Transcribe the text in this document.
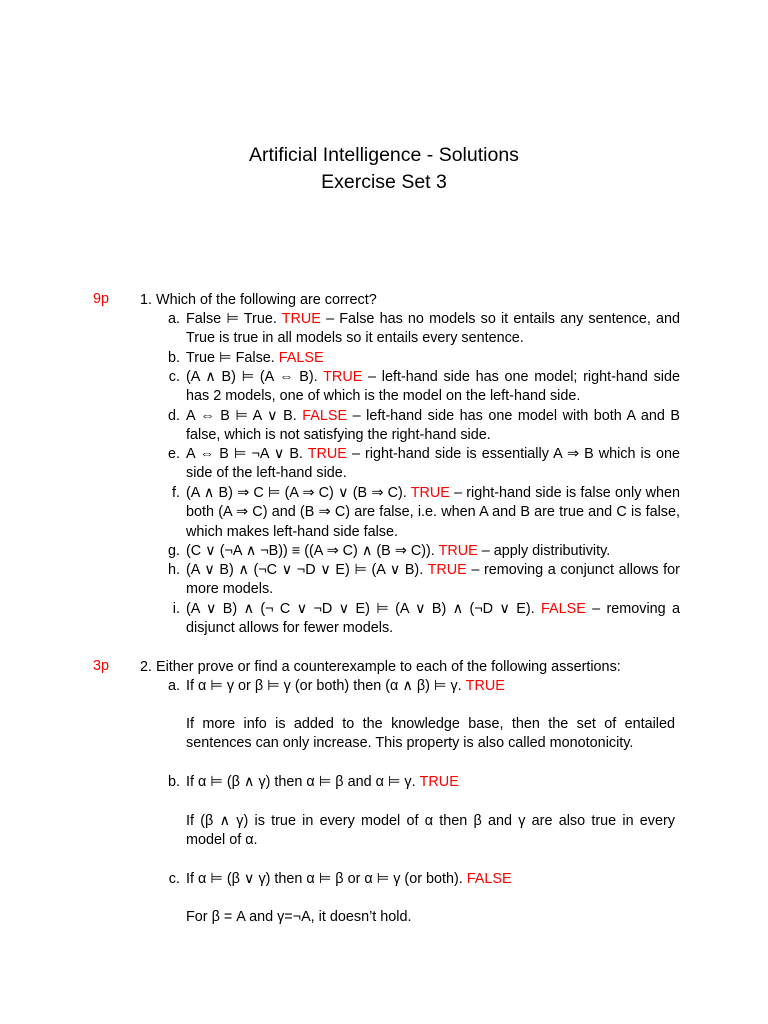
Artificial Intelligence - Solutions
Exercise Set 3
9p 1. Which of the following are correct?
a. False ⊨ True. TRUE – False has no models so it entails any sentence, and True is true in all models so it entails every sentence.
b. True ⊨ False. FALSE
c. (A ∧ B) ⊨ (A ⇔ B). TRUE – left-hand side has one model; right-hand side has 2 models, one of which is the model on the left-hand side.
d. A ⇔ B ⊨ A ∨ B. FALSE – left-hand side has one model with both A and B false, which is not satisfying the right-hand side.
e. A ⇔ B ⊨ ¬A ∨ B. TRUE – right-hand side is essentially A ⇒ B which is one side of the left-hand side.
f. (A ∧ B) ⇒ C ⊨ (A ⇒ C) ∨ (B ⇒ C). TRUE – right-hand side is false only when both (A ⇒ C) and (B ⇒ C) are false, i.e. when A and B are true and C is false, which makes left-hand side false.
g. (C ∨ (¬A ∧ ¬B)) ≡ ((A ⇒ C) ∧ (B ⇒ C)). TRUE – apply distributivity.
h. (A ∨ B) ∧ (¬C ∨ ¬D ∨ E) ⊨ (A ∨ B). TRUE – removing a conjunct allows for more models.
i. (A ∨ B) ∧ (¬ C ∨ ¬D ∨ E) ⊨ (A ∨ B) ∧ (¬D ∨ E). FALSE – removing a disjunct allows for fewer models.
3p 2. Either prove or find a counterexample to each of the following assertions:
a. If α ⊨ γ or β ⊨ γ (or both) then (α ∧ β) ⊨ γ. TRUE
If more info is added to the knowledge base, then the set of entailed sentences can only increase. This property is also called monotonicity.
b. If α ⊨ (β ∧ γ) then α ⊨ β and α ⊨ γ. TRUE
If (β ∧ γ) is true in every model of α then β and γ are also true in every model of α.
c. If α ⊨ (β ∨ γ) then α ⊨ β or α ⊨ γ (or both). FALSE
For β = A and γ=¬A, it doesn’t hold.
